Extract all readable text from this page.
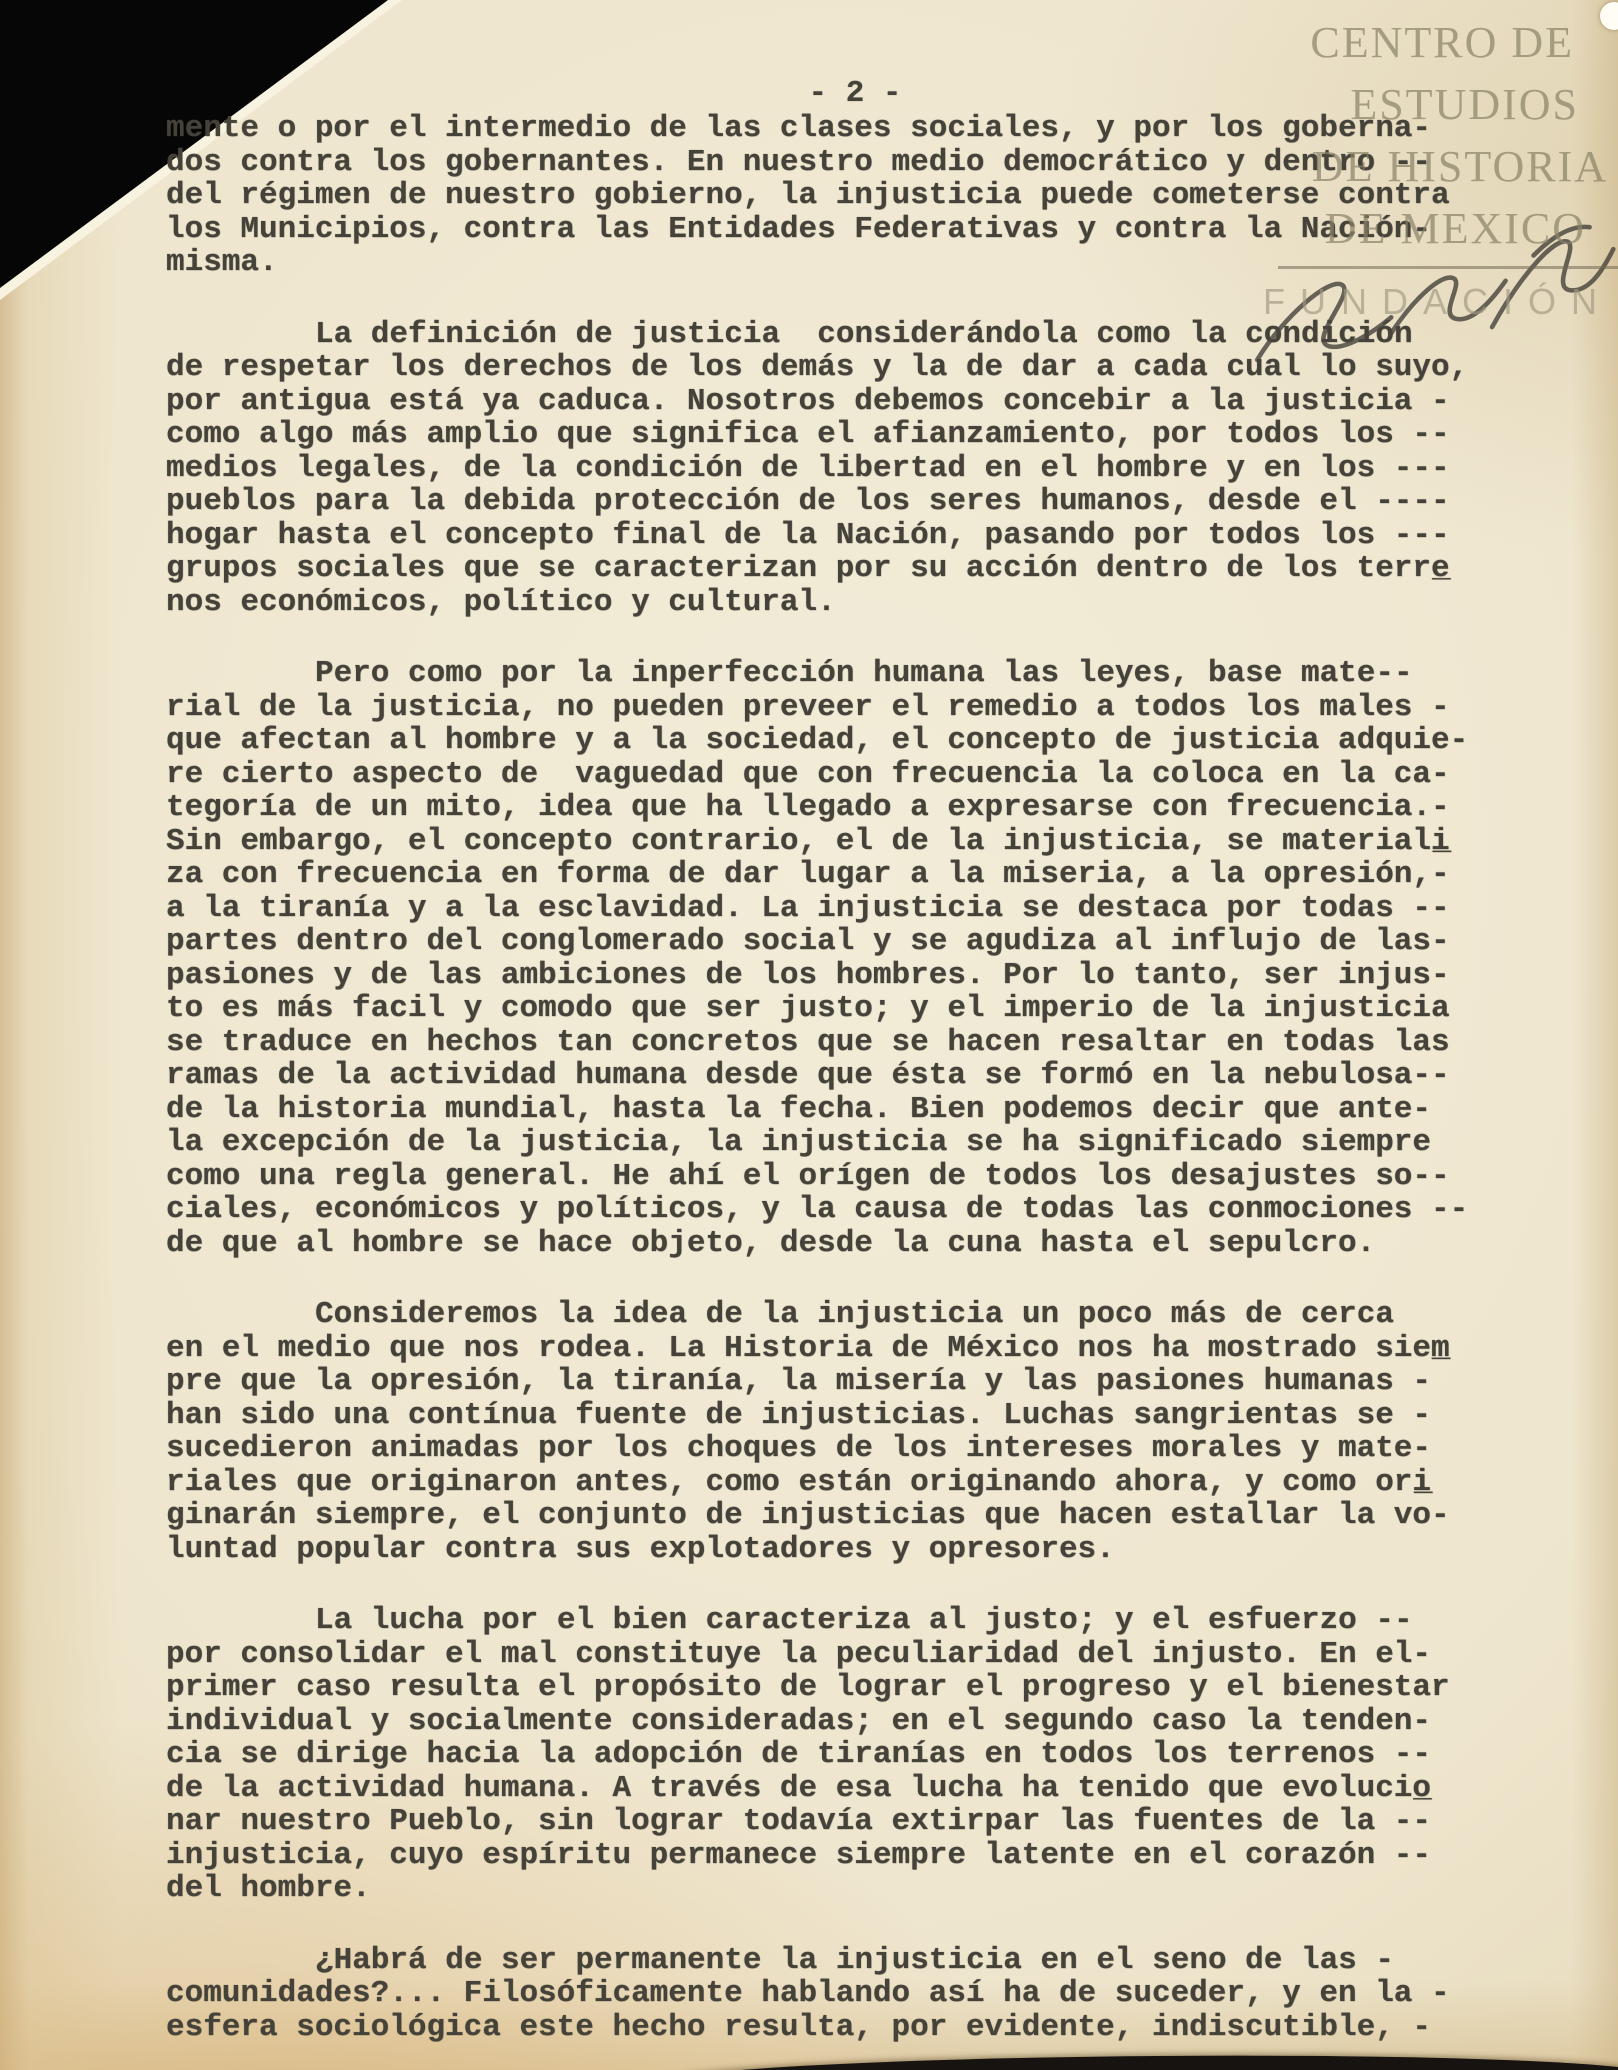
CENTRO DE
ESTUDIOS
DE HISTORIA
DE MEXICO
FUNDACIÓN
- 2 -
mente o por el intermedio de las clases sociales, y por los goberna-
dos contra los gobernantes. En nuestro medio democrático y dentro --
del régimen de nuestro gobierno, la injusticia puede cometerse contra
los Municipios, contra las Entidades Federativas y contra la Nación-
misma.
La definición de justicia  considerándola como la condición
de respetar los derechos de los demás y la de dar a cada cual lo suyo,
por antigua está ya caduca. Nosotros debemos concebir a la justicia -
como algo más amplio que significa el afianzamiento, por todos los --
medios legales, de la condición de libertad en el hombre y en los ---
pueblos para la debida protección de los seres humanos, desde el ----
hogar hasta el concepto final de la Nación, pasando por todos los ---
grupos sociales que se caracterizan por su acción dentro de los terre̲
nos económicos, político y cultural.
Pero como por la inperfección humana las leyes, base mate--
rial de la justicia, no pueden preveer el remedio a todos los males -
que afectan al hombre y a la sociedad, el concepto de justicia adquie-
re cierto aspecto de  vaguedad que con frecuencia la coloca en la ca-
tegoría de un mito, idea que ha llegado a expresarse con frecuencia.-
Sin embargo, el concepto contrario, el de la injusticia, se materiali̲
za con frecuencia en forma de dar lugar a la miseria, a la opresión,-
a la tiranía y a la esclavidad. La injusticia se destaca por todas --
partes dentro del conglomerado social y se agudiza al influjo de las-
pasiones y de las ambiciones de los hombres. Por lo tanto, ser injus-
to es más facil y comodo que ser justo; y el imperio de la injusticia
se traduce en hechos tan concretos que se hacen resaltar en todas las
ramas de la actividad humana desde que ésta se formó en la nebulosa--
de la historia mundial, hasta la fecha. Bien podemos decir que ante-
la excepción de la justicia, la injusticia se ha significado siempre
como una regla general. He ahí el orígen de todos los desajustes so--
ciales, económicos y políticos, y la causa de todas las conmociones --
de que al hombre se hace objeto, desde la cuna hasta el sepulcro.
Consideremos la idea de la injusticia un poco más de cerca
en el medio que nos rodea. La Historia de México nos ha mostrado siem̲
pre que la opresión, la tiranía, la misería y las pasiones humanas -
han sido una contínua fuente de injusticias. Luchas sangrientas se -
sucedieron animadas por los choques de los intereses morales y mate-
riales que originaron antes, como están originando ahora, y como ori̲
ginarán siempre, el conjunto de injusticias que hacen estallar la vo-
luntad popular contra sus explotadores y opresores.
La lucha por el bien caracteriza al justo; y el esfuerzo --
por consolidar el mal constituye la peculiaridad del injusto. En el-
primer caso resulta el propósito de lograr el progreso y el bienestar
individual y socialmente consideradas; en el segundo caso la tenden-
cia se dirige hacia la adopción de tiranías en todos los terrenos --
de la actividad humana. A través de esa lucha ha tenido que evolucio̲
nar nuestro Pueblo, sin lograr todavía extirpar las fuentes de la --
injusticia, cuyo espíritu permanece siempre latente en el corazón --
del hombre.
¿Habrá de ser permanente la injusticia en el seno de las -
comunidades?... Filosóficamente hablando así ha de suceder, y en la -
esfera sociológica este hecho resulta, por evidente, indiscutible, -
